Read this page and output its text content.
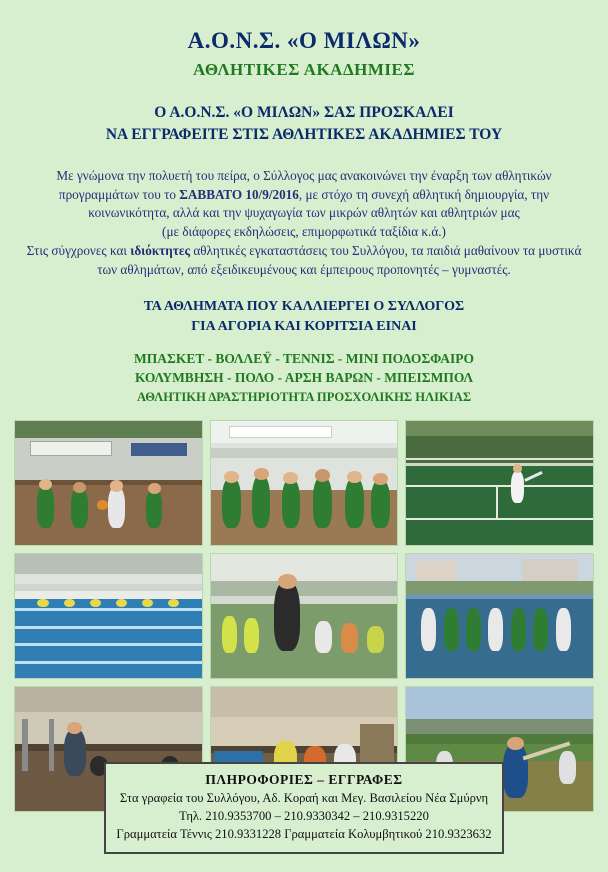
Α.Ο.Ν.Σ. «Ο ΜΙΛΩΝ»
ΑΘΛΗΤΙΚΕΣ ΑΚΑΔΗΜΙΕΣ
Ο Α.Ο.Ν.Σ. «Ο ΜΙΛΩΝ» ΣΑΣ ΠΡΟΣΚΑΛΕΙ
ΝΑ ΕΓΓΡΑΦΕΙΤΕ ΣΤΙΣ ΑΘΛΗΤΙΚΕΣ ΑΚΑΔΗΜΙΕΣ ΤΟΥ
Με γνώμονα την πολυετή του πείρα, ο Σύλλογος μας ανακοινώνει την έναρξη των αθλητικών προγραμμάτων του το ΣΑΒΒΑΤΟ 10/9/2016, με στόχο τη συνεχή αθλητική δημιουργία, την κοινωνικότητα, αλλά και την ψυχαγωγία των μικρών αθλητών και αθλητριών μας
(με διάφορες εκδηλώσεις, επιμορφωτικά ταξίδια κ.ά.)
Στις σύγχρονες και ιδιόκτητες αθλητικές εγκαταστάσεις του Συλλόγου, τα παιδιά μαθαίνουν τα μυστικά των αθλημάτων, από εξειδικευμένους και έμπειρους προπονητές – γυμναστές.
ΤΑ ΑΘΛΗΜΑΤΑ ΠΟΥ ΚΑΛΛΙΕΡΓΕΙ Ο ΣΥΛΛΟΓΟΣ
ΓΙΑ ΑΓΟΡΙΑ ΚΑΙ ΚΟΡΙΤΣΙΑ ΕΙΝΑΙ
ΜΠΑΣΚΕΤ - ΒΟΛΛΕΫ - ΤΕΝΝΙΣ - ΜΙΝΙ ΠΟΔΟΣΦΑΙΡΟ
ΚΟΛΥΜΒΗΣΗ - ΠΟΛΟ - ΑΡΣΗ ΒΑΡΩΝ - ΜΠΕΙΣΜΠΟΛ
ΑΘΛΗΤΙΚΗ ΔΡΑΣΤΗΡΙΟΤΗΤΑ ΠΡΟΣΧΟΛΙΚΗΣ ΗΛΙΚΙΑΣ
ΠΛΗΡΟΦΟΡΙΕΣ – ΕΓΓΡΑΦΕΣ
Στα γραφεία του Συλλόγου, Αδ. Κοραή και Μεγ. Βασιλείου Νέα Σμύρνη
Τηλ. 210.9353700 – 210.9330342 – 210.9315220
Γραμματεία Τέννις 210.9331228 Γραμματεία Κολυμβητικού 210.9323632
